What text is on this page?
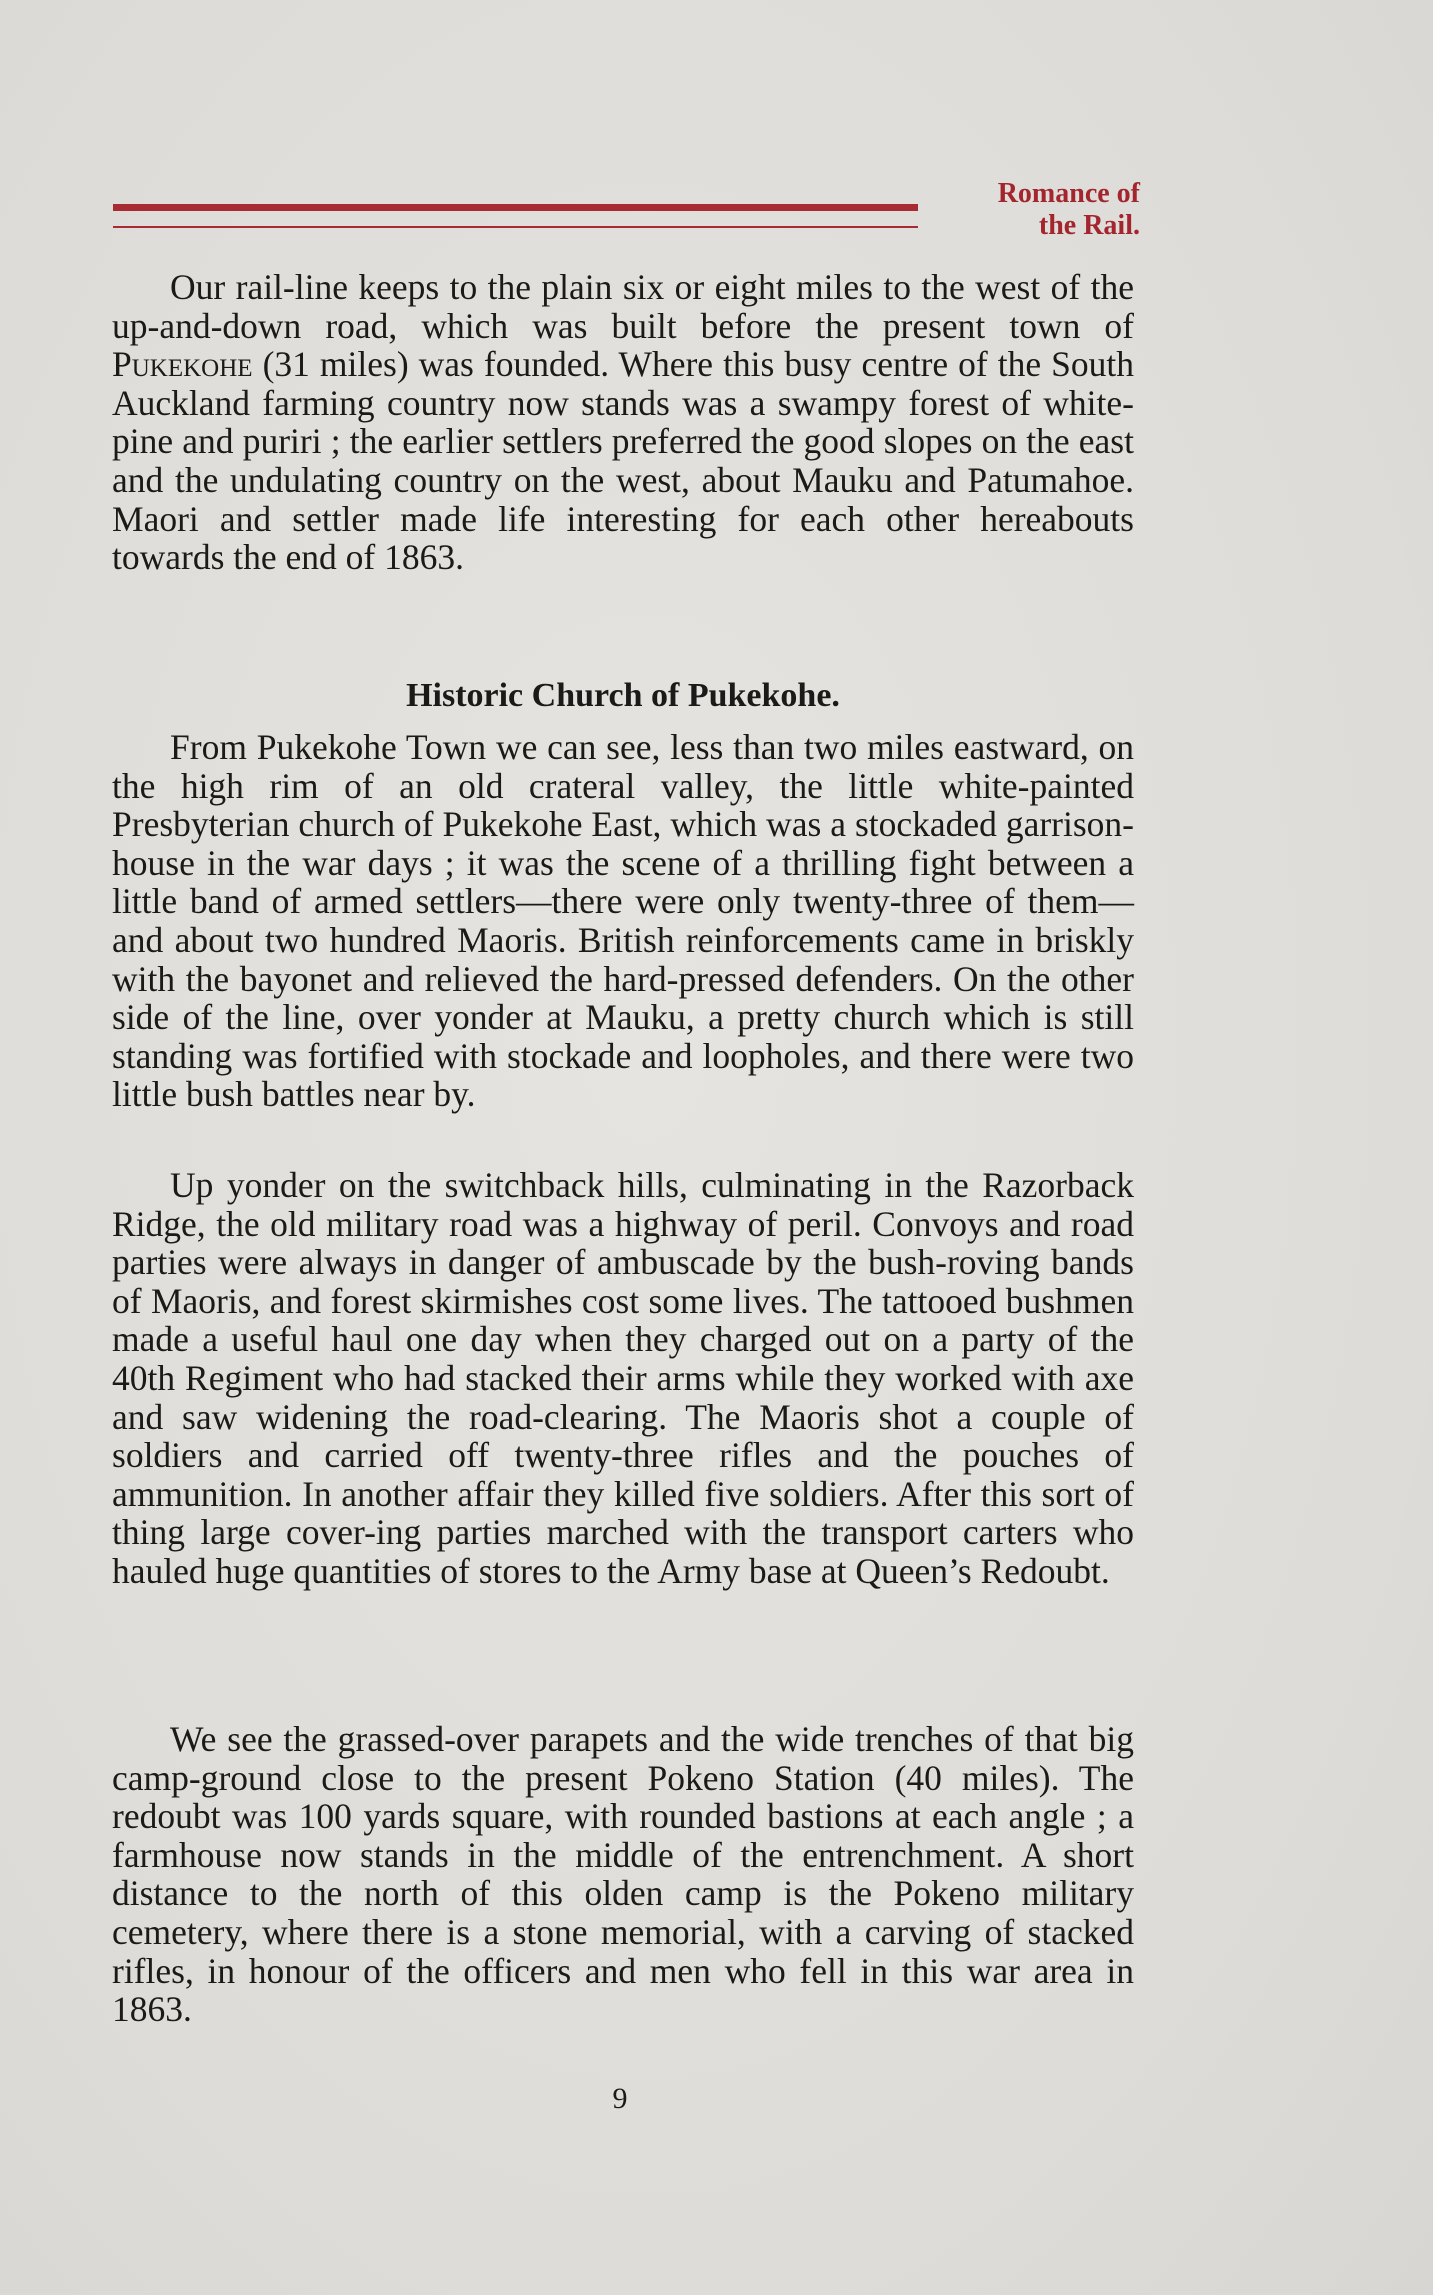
Romance of
the Rail.

Our rail-line keeps to the plain six or eight miles to the west of the up-and-down road, which was built before the present town of Pukekohe (31 miles) was founded. Where this busy centre of the South Auckland farming country now stands was a swampy forest of white-pine and puriri ; the earlier settlers preferred the good slopes on the east and the undulating country on the west, about Mauku and Patumahoe. Maori and settler made life interesting for each other hereabouts towards the end of 1863.

Historic Church of Pukekohe.

From Pukekohe Town we can see, less than two miles eastward, on the high rim of an old crateral valley, the little white-painted Presbyterian church of Pukekohe East, which was a stockaded garrison-house in the war days ; it was the scene of a thrilling fight between a little band of armed settlers—there were only twenty-three of them—and about two hundred Maoris. British reinforcements came in briskly with the bayonet and relieved the hard-pressed defenders. On the other side of the line, over yonder at Mauku, a pretty church which is still standing was fortified with stockade and loopholes, and there were two little bush battles near by.

Up yonder on the switchback hills, culminating in the Razorback Ridge, the old military road was a highway of peril. Convoys and road parties were always in danger of ambuscade by the bush-roving bands of Maoris, and forest skirmishes cost some lives. The tattooed bushmen made a useful haul one day when they charged out on a party of the 40th Regiment who had stacked their arms while they worked with axe and saw widening the road-clearing. The Maoris shot a couple of soldiers and carried off twenty-three rifles and the pouches of ammunition. In another affair they killed five soldiers. After this sort of thing large cover-ing parties marched with the transport carters who hauled huge quantities of stores to the Army base at Queen’s Redoubt.

We see the grassed-over parapets and the wide trenches of that big camp-ground close to the present Pokeno Station (40 miles). The redoubt was 100 yards square, with rounded bastions at each angle ; a farmhouse now stands in the middle of the entrenchment. A short distance to the north of this olden camp is the Pokeno military cemetery, where there is a stone memorial, with a carving of stacked rifles, in honour of the officers and men who fell in this war area in 1863.

9
